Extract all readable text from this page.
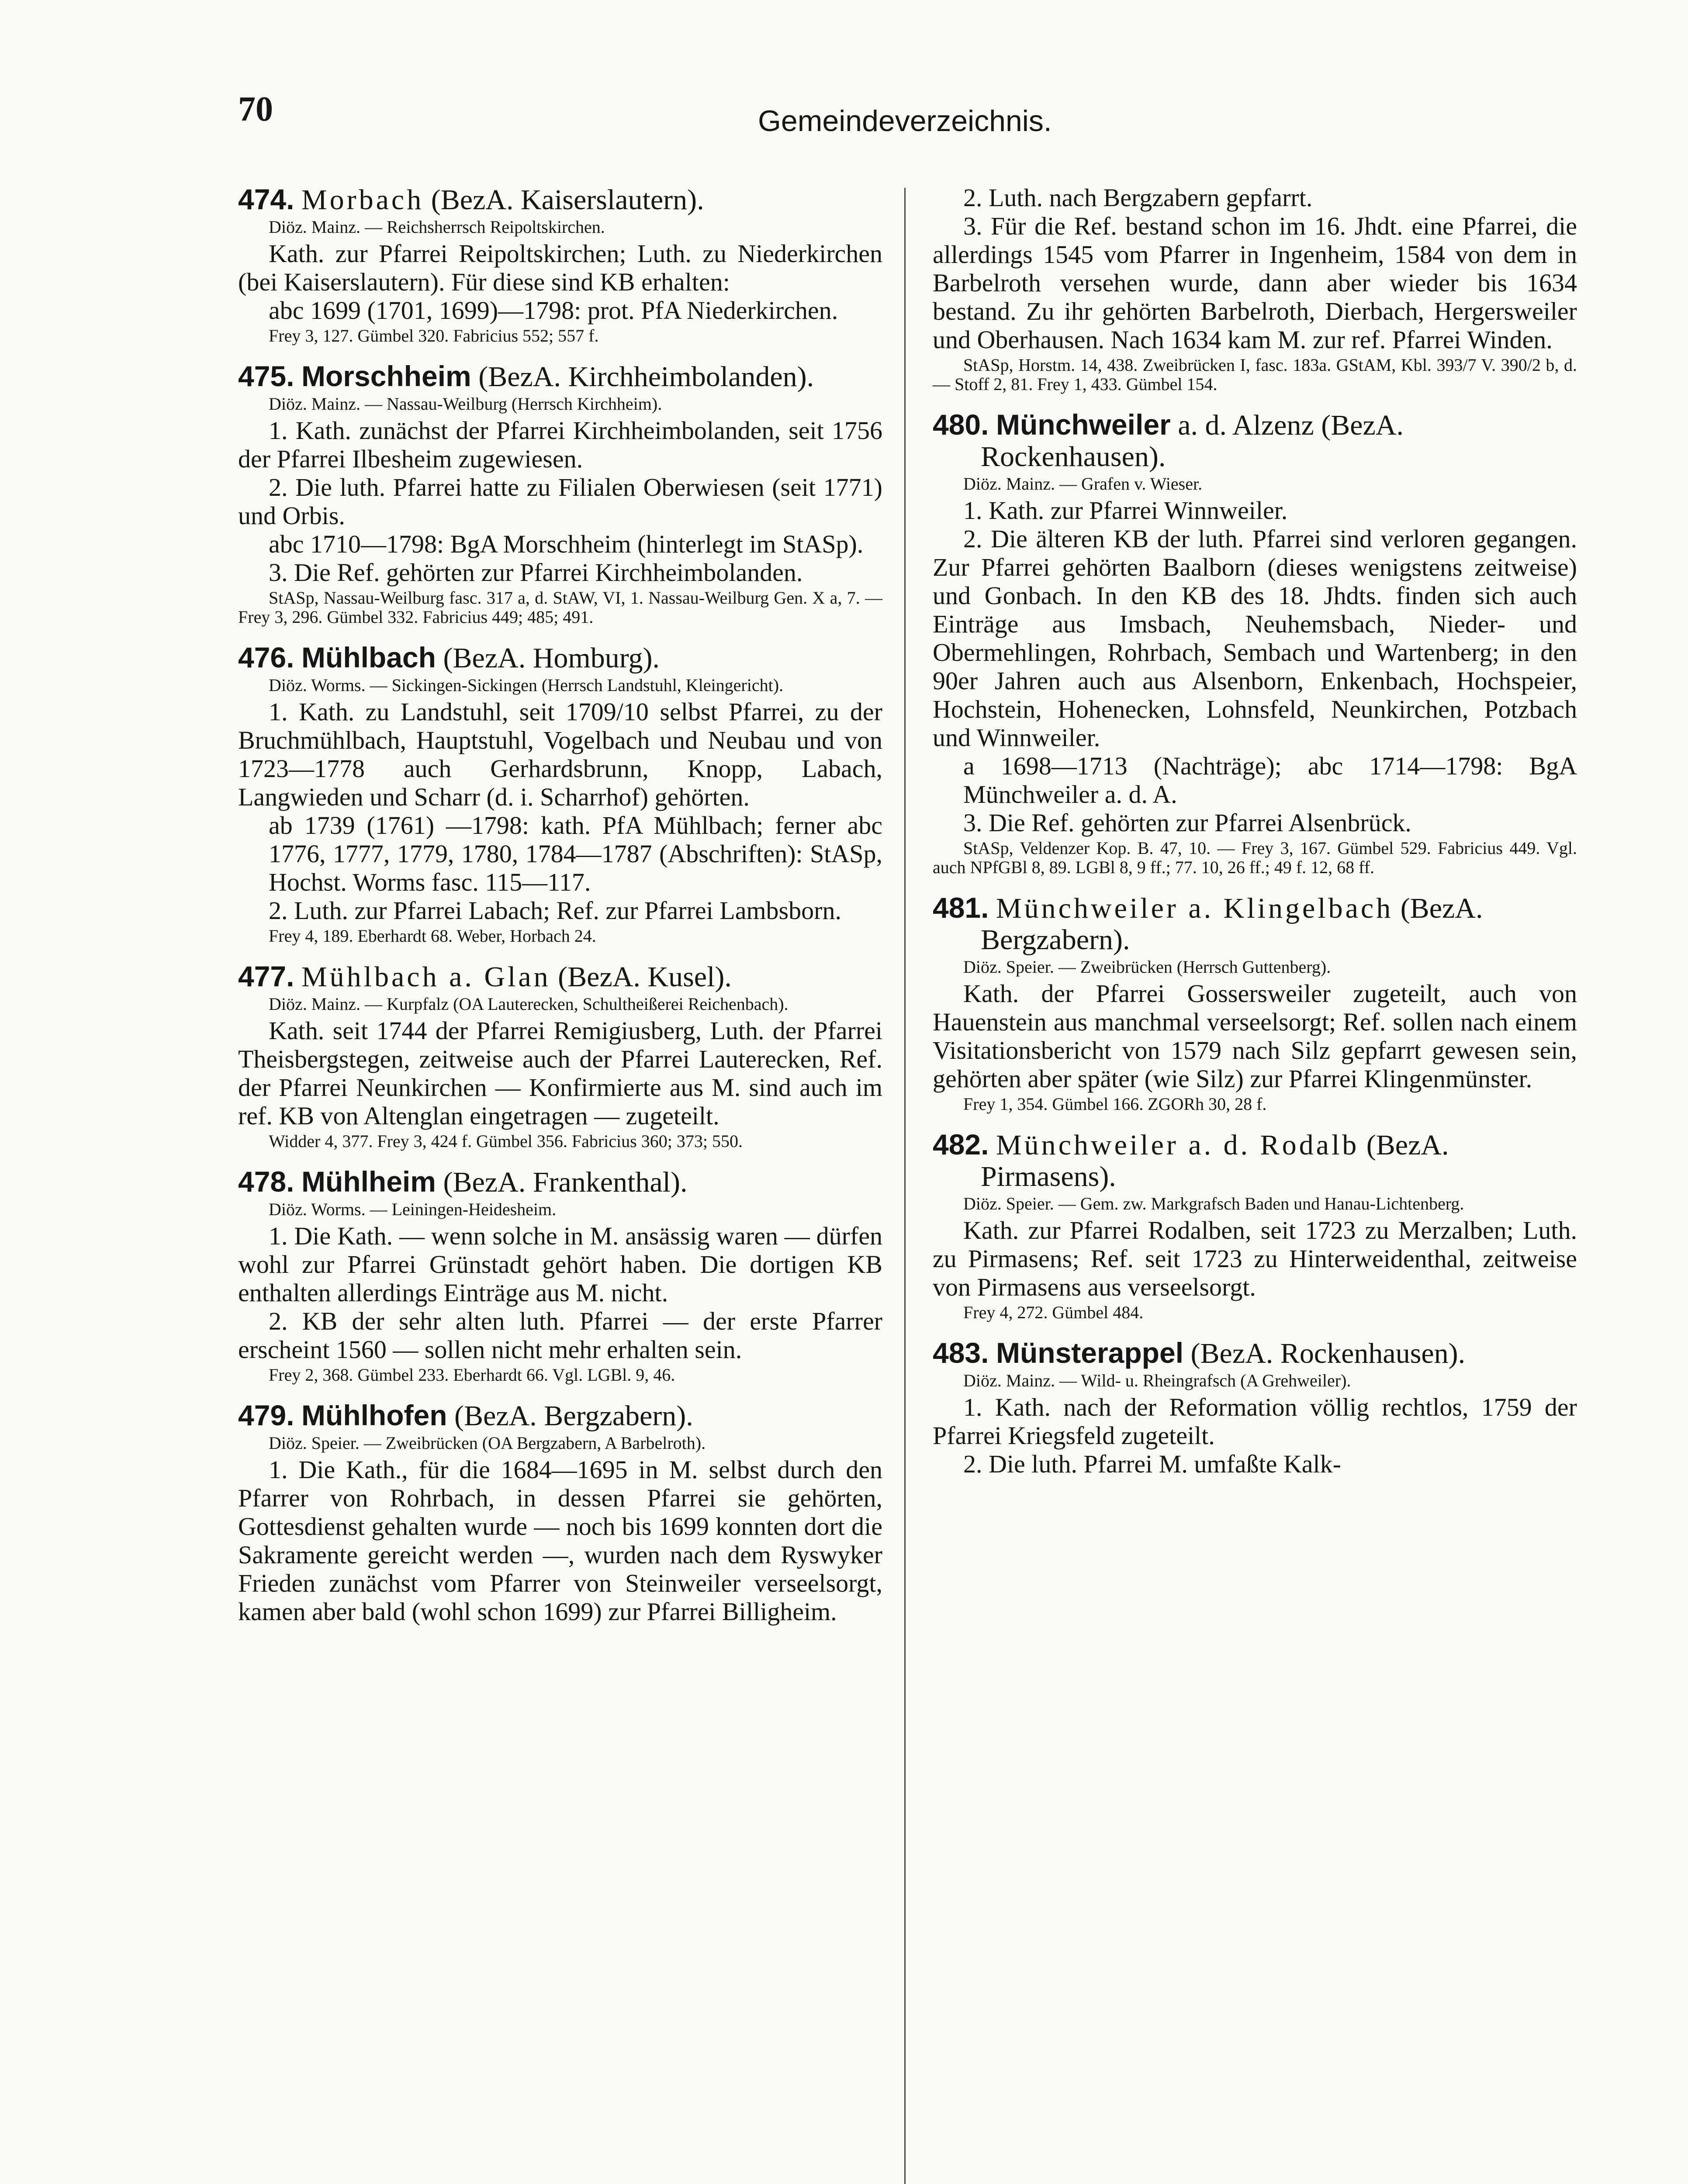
70	Gemeindeverzeichnis.

474. Morbach (BezA. Kaiserslautern).

Diöz. Mainz. — Reichsherrsch Reipoltskirchen.

Kath. zur Pfarrei Reipoltskirchen; Luth. zu Niederkirchen (bei Kaiserslautern). Für diese sind KB erhalten:

abc 1699 (1701, 1699)—1798: prot. PfA Niederkirchen.

Frey 3, 127. Gümbel 320. Fabricius 552; 557 f.

475. Morschheim (BezA. Kirchheimbolanden).

Diöz. Mainz. — Nassau-Weilburg (Herrsch Kirchheim).

1. Kath. zunächst der Pfarrei Kirchheimbolanden, seit 1756 der Pfarrei Ilbesheim zugewiesen.

2. Die luth. Pfarrei hatte zu Filialen Oberwiesen (seit 1771) und Orbis.

abc 1710—1798: BgA Morschheim (hinterlegt im StASp).

3. Die Ref. gehörten zur Pfarrei Kirchheimbolanden.

StASp, Nassau-Weilburg fasc. 317 a, d. StAW, VI, 1. Nassau-Weilburg Gen. X a, 7. — Frey 3, 296. Gümbel 332. Fabricius 449; 485; 491.

476. Mühlbach (BezA. Homburg).

Diöz. Worms. — Sickingen-Sickingen (Herrsch Landstuhl, Kleingericht).

1. Kath. zu Landstuhl, seit 1709/10 selbst Pfarrei, zu der Bruchmühlbach, Hauptstuhl, Vogelbach und Neubau und von 1723—1778 auch Gerhardsbrunn, Knopp, Labach, Langwieden und Scharr (d. i. Scharrhof) gehörten.

ab 1739 (1761) —1798: kath. PfA Mühlbach; ferner abc 1776, 1777, 1779, 1780, 1784—1787 (Abschriften): StASp, Hochst. Worms fasc. 115—117.

2. Luth. zur Pfarrei Labach; Ref. zur Pfarrei Lambsborn.

Frey 4, 189. Eberhardt 68. Weber, Horbach 24.

477. Mühlbach a. Glan (BezA. Kusel).

Diöz. Mainz. — Kurpfalz (OA Lauterecken, Schultheißerei Reichenbach).

Kath. seit 1744 der Pfarrei Remigiusberg, Luth. der Pfarrei Theisbergstegen, zeitweise auch der Pfarrei Lauterecken, Ref. der Pfarrei Neunkirchen — Konfirmierte aus M. sind auch im ref. KB von Altenglan eingetragen — zugeteilt.

Widder 4, 377. Frey 3, 424 f. Gümbel 356. Fabricius 360; 373; 550.

478. Mühlheim (BezA. Frankenthal).

Diöz. Worms. — Leiningen-Heidesheim.

1. Die Kath. — wenn solche in M. ansässig waren — dürfen wohl zur Pfarrei Grünstadt gehört haben. Die dortigen KB enthalten allerdings Einträge aus M. nicht.

2. KB der sehr alten luth. Pfarrei — der erste Pfarrer erscheint 1560 — sollen nicht mehr erhalten sein.

Frey 2, 368. Gümbel 233. Eberhardt 66. Vgl. LGBl. 9, 46.

479. Mühlhofen (BezA. Bergzabern).

Diöz. Speier. — Zweibrücken (OA Bergzabern, A Barbelroth).

1. Die Kath., für die 1684—1695 in M. selbst durch den Pfarrer von Rohrbach, in dessen Pfarrei sie gehörten, Gottesdienst gehalten wurde — noch bis 1699 konnten dort die Sakramente gereicht werden —, wurden nach dem Ryswyker Frieden zunächst vom Pfarrer von Steinweiler verseelsorgt, kamen aber bald (wohl schon 1699) zur Pfarrei Billigheim.

2. Luth. nach Bergzabern gepfarrt.

3. Für die Ref. bestand schon im 16. Jhdt. eine Pfarrei, die allerdings 1545 vom Pfarrer in Ingenheim, 1584 von dem in Barbelroth versehen wurde, dann aber wieder bis 1634 bestand. Zu ihr gehörten Barbelroth, Dierbach, Hergersweiler und Oberhausen. Nach 1634 kam M. zur ref. Pfarrei Winden.

StASp, Horstm. 14, 438. Zweibrücken I, fasc. 183a. GStAM, Kbl. 393/7 V. 390/2 b, d. — Stoff 2, 81. Frey 1, 433. Gümbel 154.

480. Münchweiler a. d. Alzenz (BezA. Rockenhausen).

Diöz. Mainz. — Grafen v. Wieser.

1. Kath. zur Pfarrei Winnweiler.

2. Die älteren KB der luth. Pfarrei sind verloren gegangen. Zur Pfarrei gehörten Baalborn (dieses wenigstens zeitweise) und Gonbach. In den KB des 18. Jhdts. finden sich auch Einträge aus Imsbach, Neuhemsbach, Nieder- und Obermehlingen, Rohrbach, Sembach und Wartenberg; in den 90er Jahren auch aus Alsenborn, Enkenbach, Hochspeier, Hochstein, Hohenecken, Lohnsfeld, Neunkirchen, Potzbach und Winnweiler.

a 1698—1713 (Nachträge); abc 1714—1798: BgA Münchweiler a. d. A.

3. Die Ref. gehörten zur Pfarrei Alsenbrück.

StASp, Veldenzer Kop. B. 47, 10. — Frey 3, 167. Gümbel 529. Fabricius 449. Vgl. auch NPfGBl 8, 89. LGBl 8, 9 ff.; 77. 10, 26 ff.; 49 f. 12, 68 ff.

481. Münchweiler a. Klingelbach (BezA. Bergzabern).

Diöz. Speier. — Zweibrücken (Herrsch Guttenberg).

Kath. der Pfarrei Gossersweiler zugeteilt, auch von Hauenstein aus manchmal verseelsorgt; Ref. sollen nach einem Visitationsbericht von 1579 nach Silz gepfarrt gewesen sein, gehörten aber später (wie Silz) zur Pfarrei Klingenmünster.

Frey 1, 354. Gümbel 166. ZGORh 30, 28 f.

482. Münchweiler a. d. Rodalb (BezA. Pirmasens).

Diöz. Speier. — Gem. zw. Markgrafsch Baden und Hanau-Lichtenberg.

Kath. zur Pfarrei Rodalben, seit 1723 zu Merzalben; Luth. zu Pirmasens; Ref. seit 1723 zu Hinterweidenthal, zeitweise von Pirmasens aus verseelsorgt.

Frey 4, 272. Gümbel 484.

483. Münsterappel (BezA. Rockenhausen).

Diöz. Mainz. — Wild- u. Rheingrafsch (A Grehweiler).

1. Kath. nach der Reformation völlig rechtlos, 1759 der Pfarrei Kriegsfeld zugeteilt.

2. Die luth. Pfarrei M. umfaßte Kalk-
